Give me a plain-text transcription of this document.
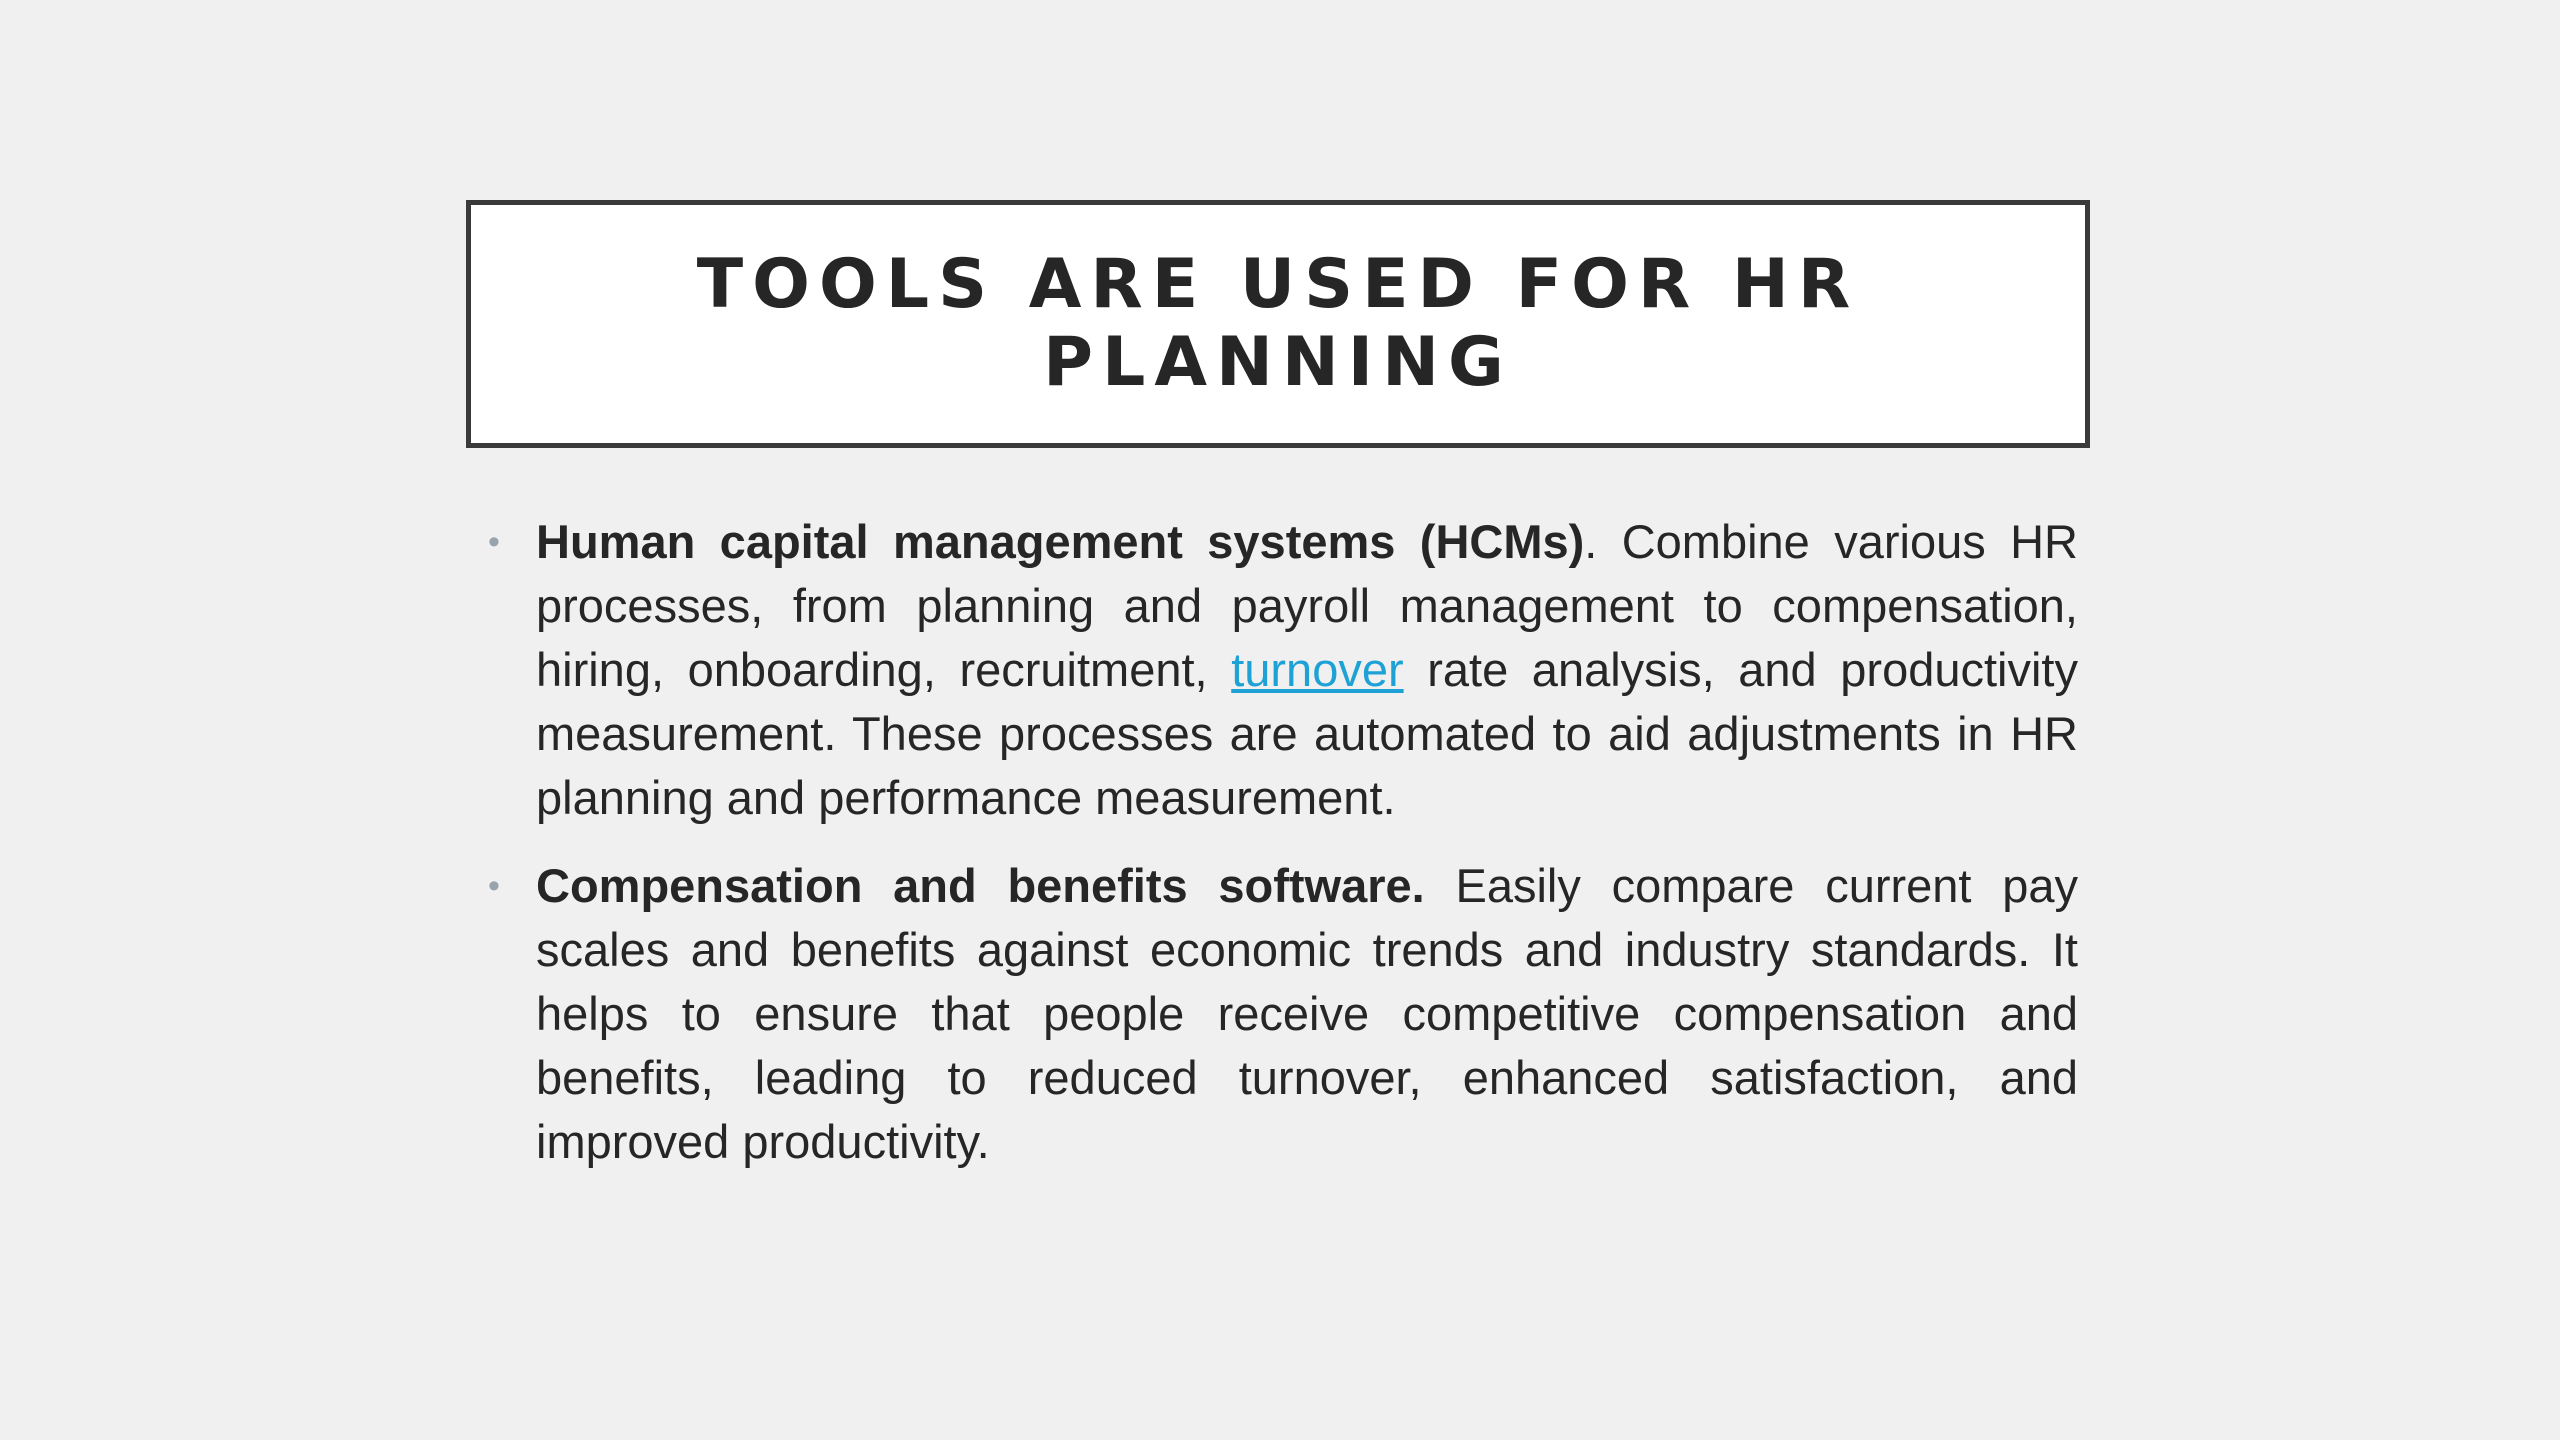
TOOLS ARE USED FOR HR PLANNING
• Human capital management systems (HCMs). Combine various HR processes, from planning and payroll management to compensation, hiring, onboarding, recruitment, turnover rate analysis, and productivity measurement. These processes are automated to aid adjustments in HR planning and performance measurement.
• Compensation and benefits software. Easily compare current pay scales and benefits against economic trends and industry standards. It helps to ensure that people receive competitive compensation and benefits, leading to reduced turnover, enhanced satisfaction, and improved productivity.
